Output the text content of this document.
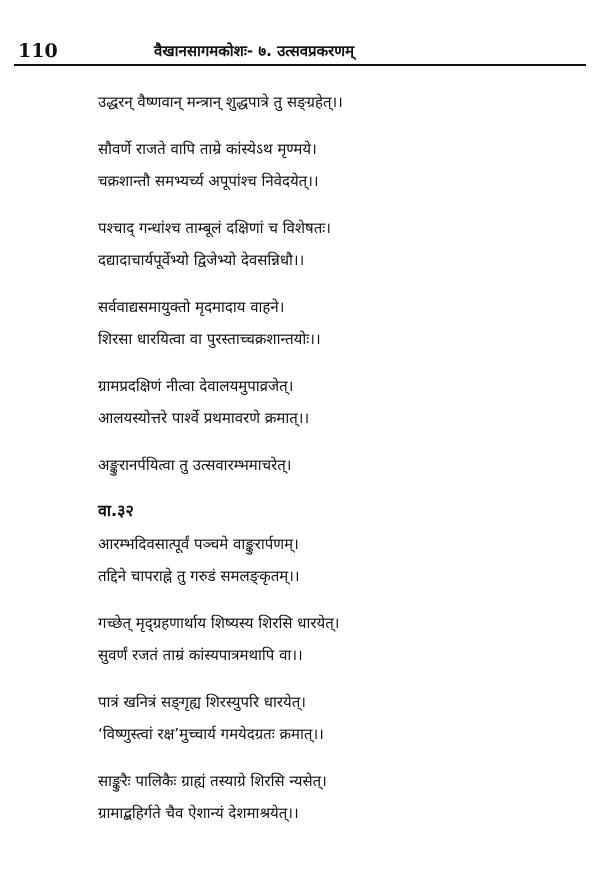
110	वैखानसागमकोशः- ७. उत्सवप्रकरणम्
उद्धरन् वैष्णवान् मन्त्रान् शुद्धपात्रे तु सङ्ग्रहेत्।।
सौवर्णे राजते वापि ताम्रे कांस्येऽथ मृण्मये।
चक्रशान्तौ समभ्यर्च्य अपूपांश्च निवेदयेत्।।
पश्चाद् गन्धांश्च ताम्बूलं दक्षिणां च विशेषतः।
दद्यादाचार्यपूर्वेभ्यो द्विजेभ्यो देवसन्निधौ।।
सर्ववाद्यसमायुक्तो मृदमादाय वाहने।
शिरसा धारयित्वा वा पुरस्ताच्चक्रशान्तयोः।।
ग्रामप्रदक्षिणं नीत्वा देवालयमुपाव्रजेत्।
आलयस्योत्तरे पार्श्वे प्रथमावरणे क्रमात्।।
अङ्कुरानर्पयित्वा तु उत्सवारम्भमाचरेत्।
वा.३२
आरम्भदिवसात्पूर्वं पञ्चमे वाङ्कुरार्पणम्।
तद्दिने चापराह्ने तु गरुडं समलङ्कृतम्।।
गच्छेत् मृद्ग्रहणार्थाय शिष्यस्य शिरसि धारयेत्।
सुवर्णं रजतं ताम्रं कांस्यपात्रमथापि वा।।
पात्रं खनित्रं सङ्गृह्य शिरस्युपरि धारयेत्।
‘विष्णुस्त्वां रक्ष’मुच्चार्य गमयेदग्रतः क्रमात्।।
साङ्कुरैः पालिकैः ग्राह्यं तस्याग्रे शिरसि न्यसेत्।
ग्रामाद्बहिर्गते चैव ऐशान्यं देशमाश्रयेत्।।
